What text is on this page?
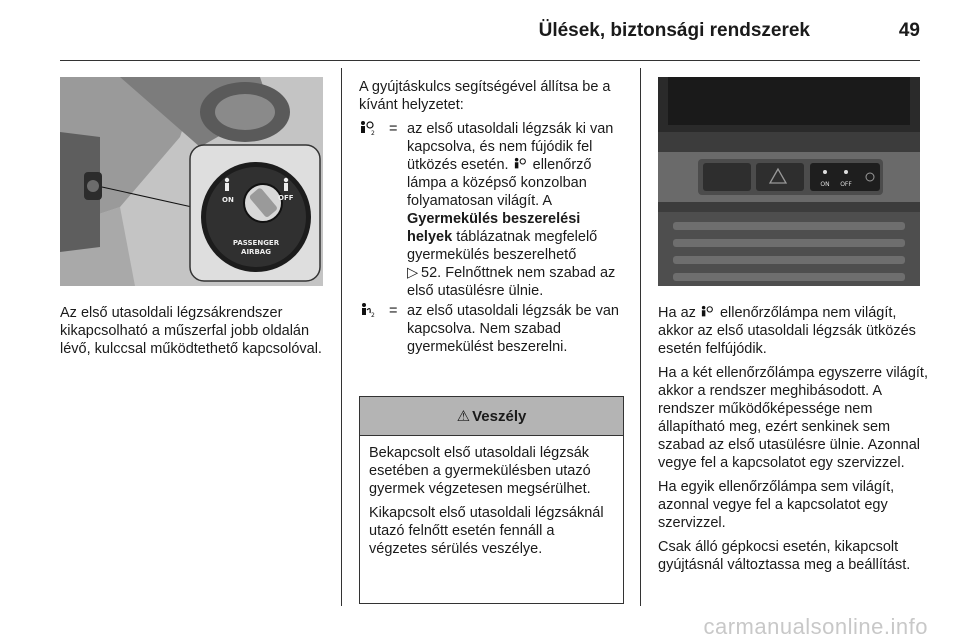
Ülések, biztonsági rendszerek	49
ON	OFF
PASSENGER
AIRBAG

Az első utasoldali légzsákrendszer kikapcsolható a műszerfal jobb oldalán lévő, kulccsal működtethető kapcsolóval.

A gyújtáskulcs segítségével állítsa be a kívánt helyzetet:

2 = az első utasoldali légzsák ki van kapcsolva, és nem fújódik fel ütközés esetén. ellenőrző lámpa a középső konzolban folyamatosan világít. A Gyermekülés beszerelési helyek táblázatnak megfelelő gyermekülés beszerelhető
▷ 52. Felnőttnek nem szabad az első utasülésre ülnie.
2 = az első utasoldali légzsák be van kapcsolva. Nem szabad gyermekülést beszerelni.
⚠ Veszély

Bekapcsolt első utasoldali légzsák esetében a gyermekülésben utazó gyermek végzetesen megsérülhet.

Kikapcsolt első utasoldali légzsáknál utazó felnőtt esetén fennáll a végzetes sérülés veszélye.

ON OFF

Ha az ellenőrzőlámpa nem világít, akkor az első utasoldali légzsák ütközés esetén felfújódik.

Ha a két ellenőrzőlámpa egyszerre világít, akkor a rendszer meghibásodott. A rendszer működőképessége nem állapítható meg, ezért senkinek sem szabad az első utasülésre ülnie. Azonnal vegye fel a kapcsolatot egy szervizzel.

Ha egyik ellenőrzőlámpa sem világít, azonnal vegye fel a kapcsolatot egy szervizzel.

Csak álló gépkocsi esetén, kikapcsolt gyújtásnál változtassa meg a beállítást.

carmanualsonline.info
